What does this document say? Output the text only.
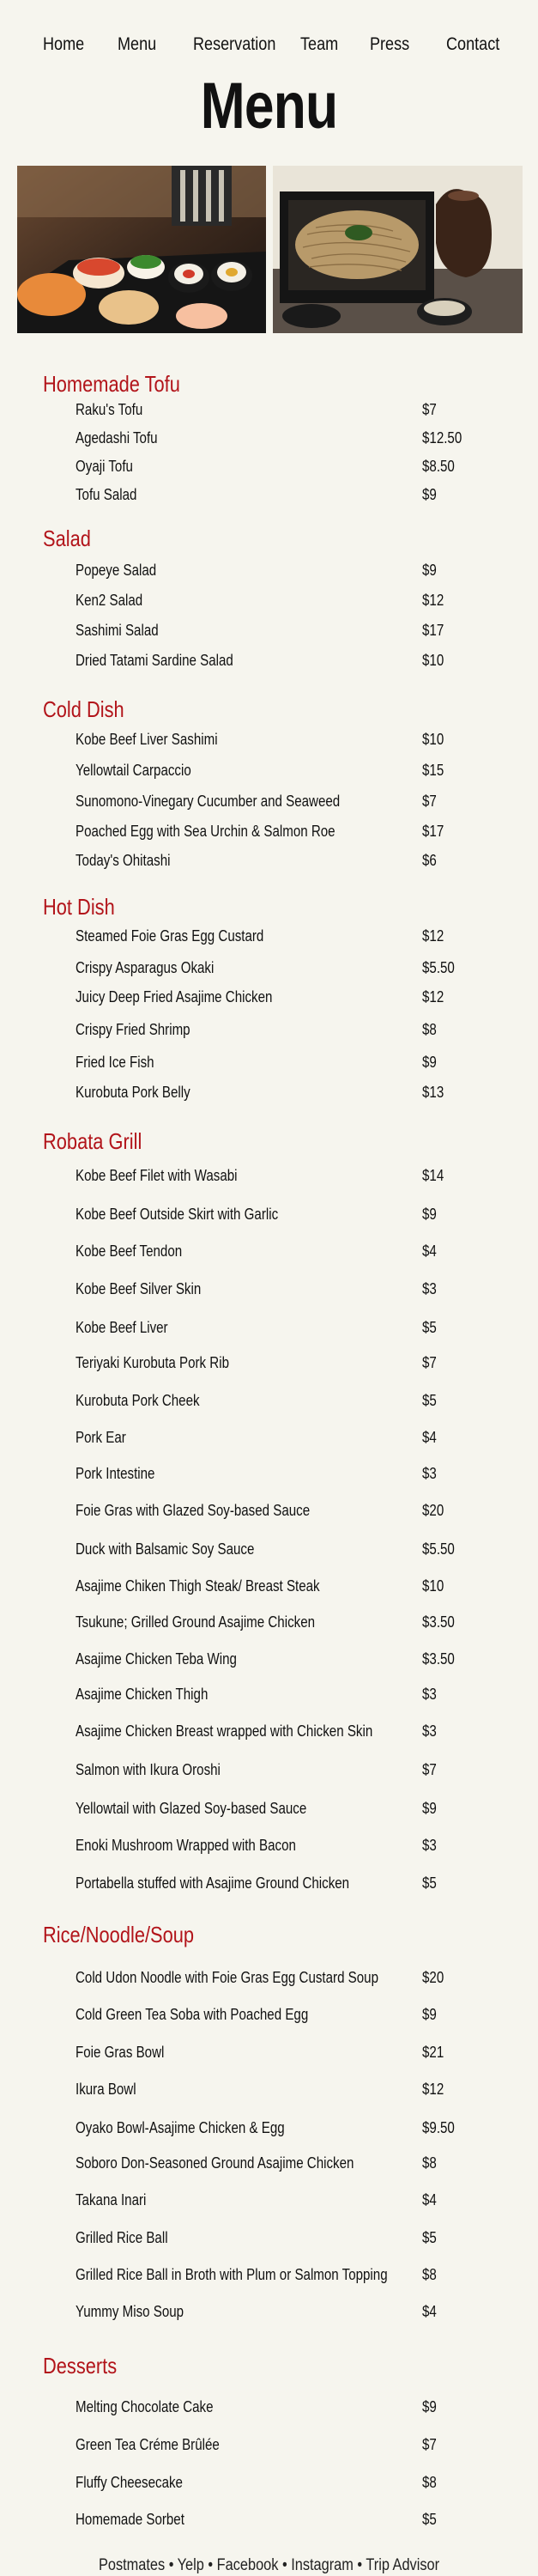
Home Menu Reservation Team Press Contact
Menu
Homemade Tofu
Raku's Tofu	$7
Agedashi Tofu	$12.50
Oyaji Tofu	$8.50
Tofu Salad	$9
Salad
Popeye Salad	$9
Ken2 Salad	$12
Sashimi Salad	$17
Dried Tatami Sardine Salad	$10
Cold Dish
Kobe Beef Liver Sashimi	$10
Yellowtail Carpaccio	$15
Sunomono-Vinegary Cucumber and Seaweed	$7
Poached Egg with Sea Urchin & Salmon Roe	$17
Today's Ohitashi	$6
Hot Dish
Steamed Foie Gras Egg Custard	$12
Crispy Asparagus Okaki	$5.50
Juicy Deep Fried Asajime Chicken	$12
Crispy Fried Shrimp	$8
Fried Ice Fish	$9
Kurobuta Pork Belly	$13
Robata Grill
Kobe Beef Filet with Wasabi	$14
Kobe Beef Outside Skirt with Garlic	$9
Kobe Beef Tendon	$4
Kobe Beef Silver Skin	$3
Kobe Beef Liver	$5
Teriyaki Kurobuta Pork Rib	$7
Kurobuta Pork Cheek	$5
Pork Ear	$4
Pork Intestine	$3
Foie Gras with Glazed Soy-based Sauce	$20
Duck with Balsamic Soy Sauce	$5.50
Asajime Chiken Thigh Steak/ Breast Steak	$10
Tsukune; Grilled Ground Asajime Chicken	$3.50
Asajime Chicken Teba Wing	$3.50
Asajime Chicken Thigh	$3
Asajime Chicken Breast wrapped with Chicken Skin	$3
Salmon with Ikura Oroshi	$7
Yellowtail with Glazed Soy-based Sauce	$9
Enoki Mushroom Wrapped with Bacon	$3
Portabella stuffed with Asajime Ground Chicken	$5
Rice/Noodle/Soup
Cold Udon Noodle with Foie Gras Egg Custard Soup	$20
Cold Green Tea Soba with Poached Egg	$9
Foie Gras Bowl	$21
Ikura Bowl	$12
Oyako Bowl-Asajime Chicken & Egg	$9.50
Soboro Don-Seasoned Ground Asajime Chicken	$8
Takana Inari	$4
Grilled Rice Ball	$5
Grilled Rice Ball in Broth with Plum or Salmon Topping $8
Yummy Miso Soup	$4
Desserts
Melting Chocolate Cake	$9
Green Tea Créme Brûlée	$7
Fluffy Cheesecake	$8
Homemade Sorbet	$5
Postmates • Yelp • Facebook • Instagram • Trip Advisor
